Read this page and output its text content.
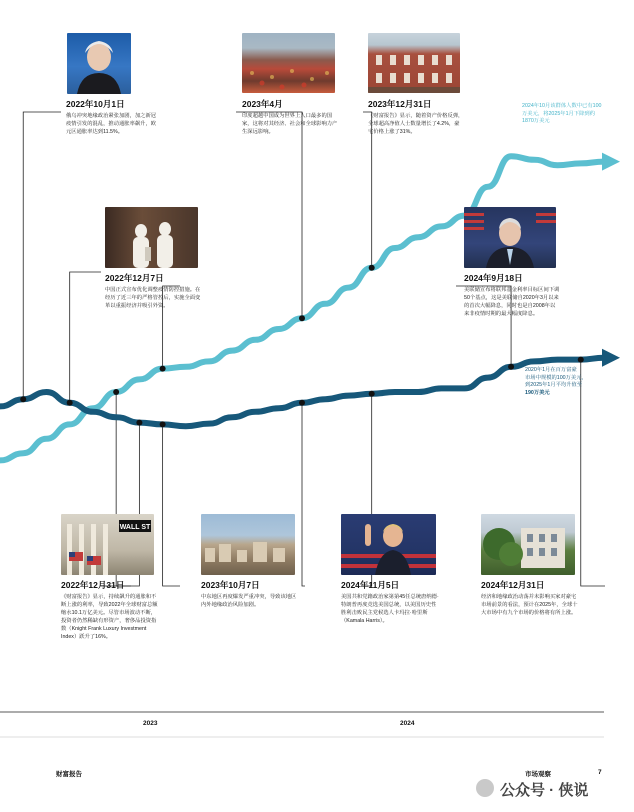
2022年10月1日
俄乌冲突地缘政治紧张加剧，加之新冠疫情引发的混乱，推动通胀率飙升，欧元区通胀率达到11.5%。
2023年4月
印度超越中国成为世界上人口最多的国家，这将对其经济、社会和全球影响力产生深远影响。
2023年12月31日
《财富报告》显示，随着资产价格反弹，全球超高净值人士数量增长了4.2%，豪宅价格上涨了31%。
2022年12月7日
中国正式宣布优化调整疫情防控措施。在经历了近三年的严格管控后，实施全面变革以重振经济并吸引外资。
2024年9月18日
美联储宣布将联邦基金利率目标区间下调50个基点，这是美联储自2020年3月以来的首次大幅降息，同时也是自2008年以来非疫情时期的最大幅度降息。
WALL ST
2022年12月31日
《财富报告》显示，持续飙升的通胀和不断上涨的利率，导致2022年全球财富总额缩水10.1万亿美元。尽管市场波动不断，投资者仍然稀缺有形资产，奢侈品投资指数（Knight Frank Luxury Investment Index）跃升了16%。
2023年10月7日
中东地区再度爆发严重冲突，导致该地区内外地缘政治风险加剧。
2024年11月5日
美国共和党籍政治家第第45任总统唐纳德·特朗普再度竞选美国总统，以美国历史性胜利击败民主党候选人卡玛拉·哈里斯（Kamala Harris）。
2024年12月31日
经济和地缘政治动荡并未影响买家对豪宅市场前景的看法，预计在2025年，全球十大市场中有九个市场的价格将有所上涨。
2024年10月该群体人数中已有100万美元，将2025年1月下降到约1870万美元
2020年1月在百万富豪
市场中规模的100万美元，
到2025年1月平均升值至
190万美元
2023	2024
财富报告	市场观察	7
公众号 · 侠说
